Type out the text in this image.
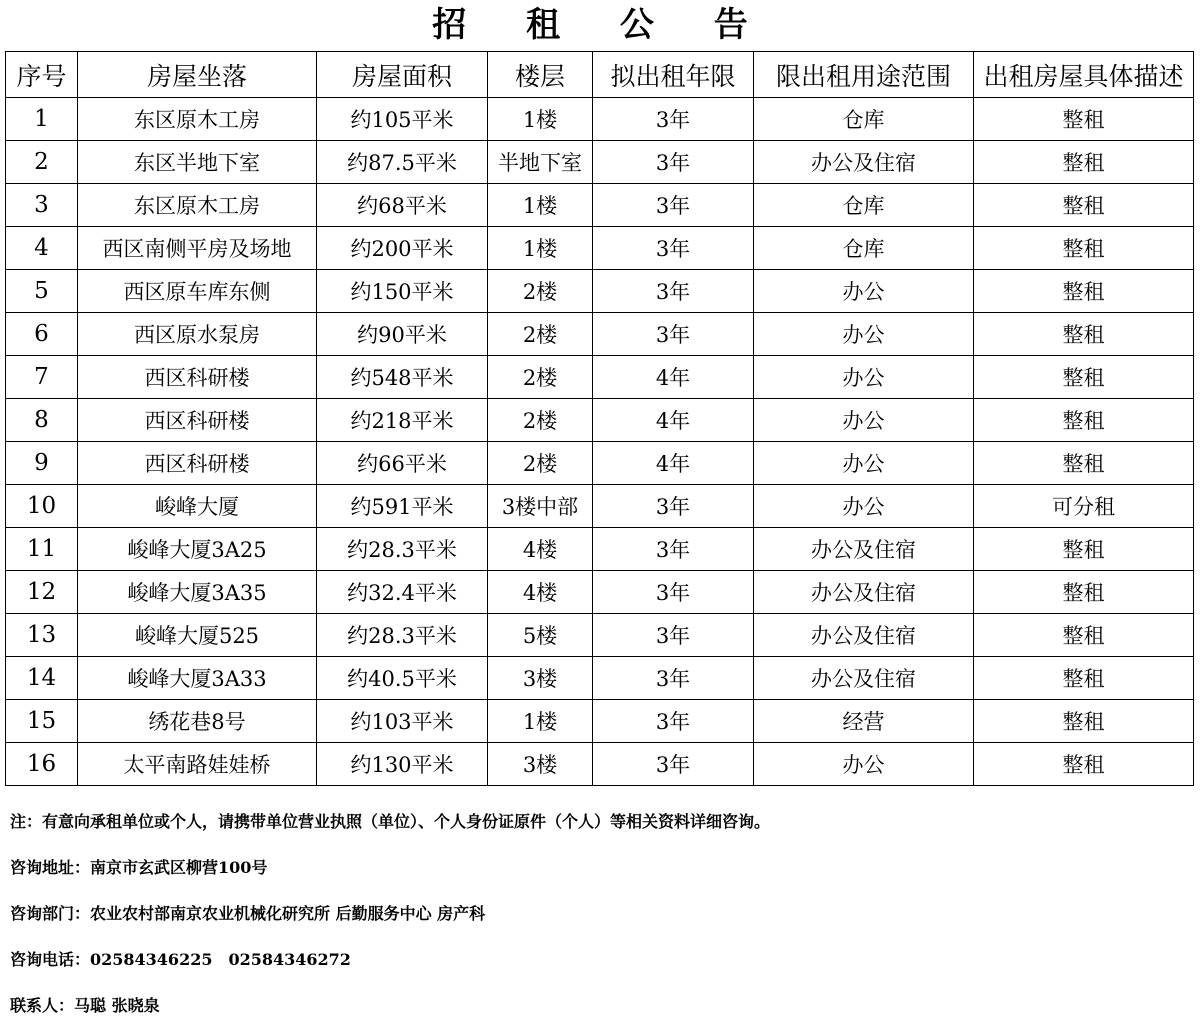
招 租 公 告
序号	房屋坐落	房屋面积	楼层	拟出租年限	限出租用途范围	出租房屋具体描述
1	东区原木工房	约105平米	1楼	3年	仓库	整租
2	东区半地下室	约87.5平米	半地下室	3年	办公及住宿	整租
3	东区原木工房	约68平米	1楼	3年	仓库	整租
4	西区南侧平房及场地	约200平米	1楼	3年	仓库	整租
5	西区原车库东侧	约150平米	2楼	3年	办公	整租
6	西区原水泵房	约90平米	2楼	3年	办公	整租
7	西区科研楼	约548平米	2楼	4年	办公	整租
8	西区科研楼	约218平米	2楼	4年	办公	整租
9	西区科研楼	约66平米	2楼	4年	办公	整租
10	峻峰大厦	约591平米	3楼中部	3年	办公	可分租
11	峻峰大厦3A25	约28.3平米	4楼	3年	办公及住宿	整租
12	峻峰大厦3A35	约32.4平米	4楼	3年	办公及住宿	整租
13	峻峰大厦525	约28.3平米	5楼	3年	办公及住宿	整租
14	峻峰大厦3A33	约40.5平米	3楼	3年	办公及住宿	整租
15	绣花巷8号	约103平米	1楼	3年	经营	整租
16	太平南路娃娃桥	约130平米	3楼	3年	办公	整租
注：有意向承租单位或个人，请携带单位营业执照（单位）、个人身份证原件（个人）等相关资料详细咨询。
咨询地址：南京市玄武区柳营100号
咨询部门：农业农村部南京农业机械化研究所 后勤服务中心 房产科
咨询电话：02584346225　02584346272
联系人：马聪 张晓泉
